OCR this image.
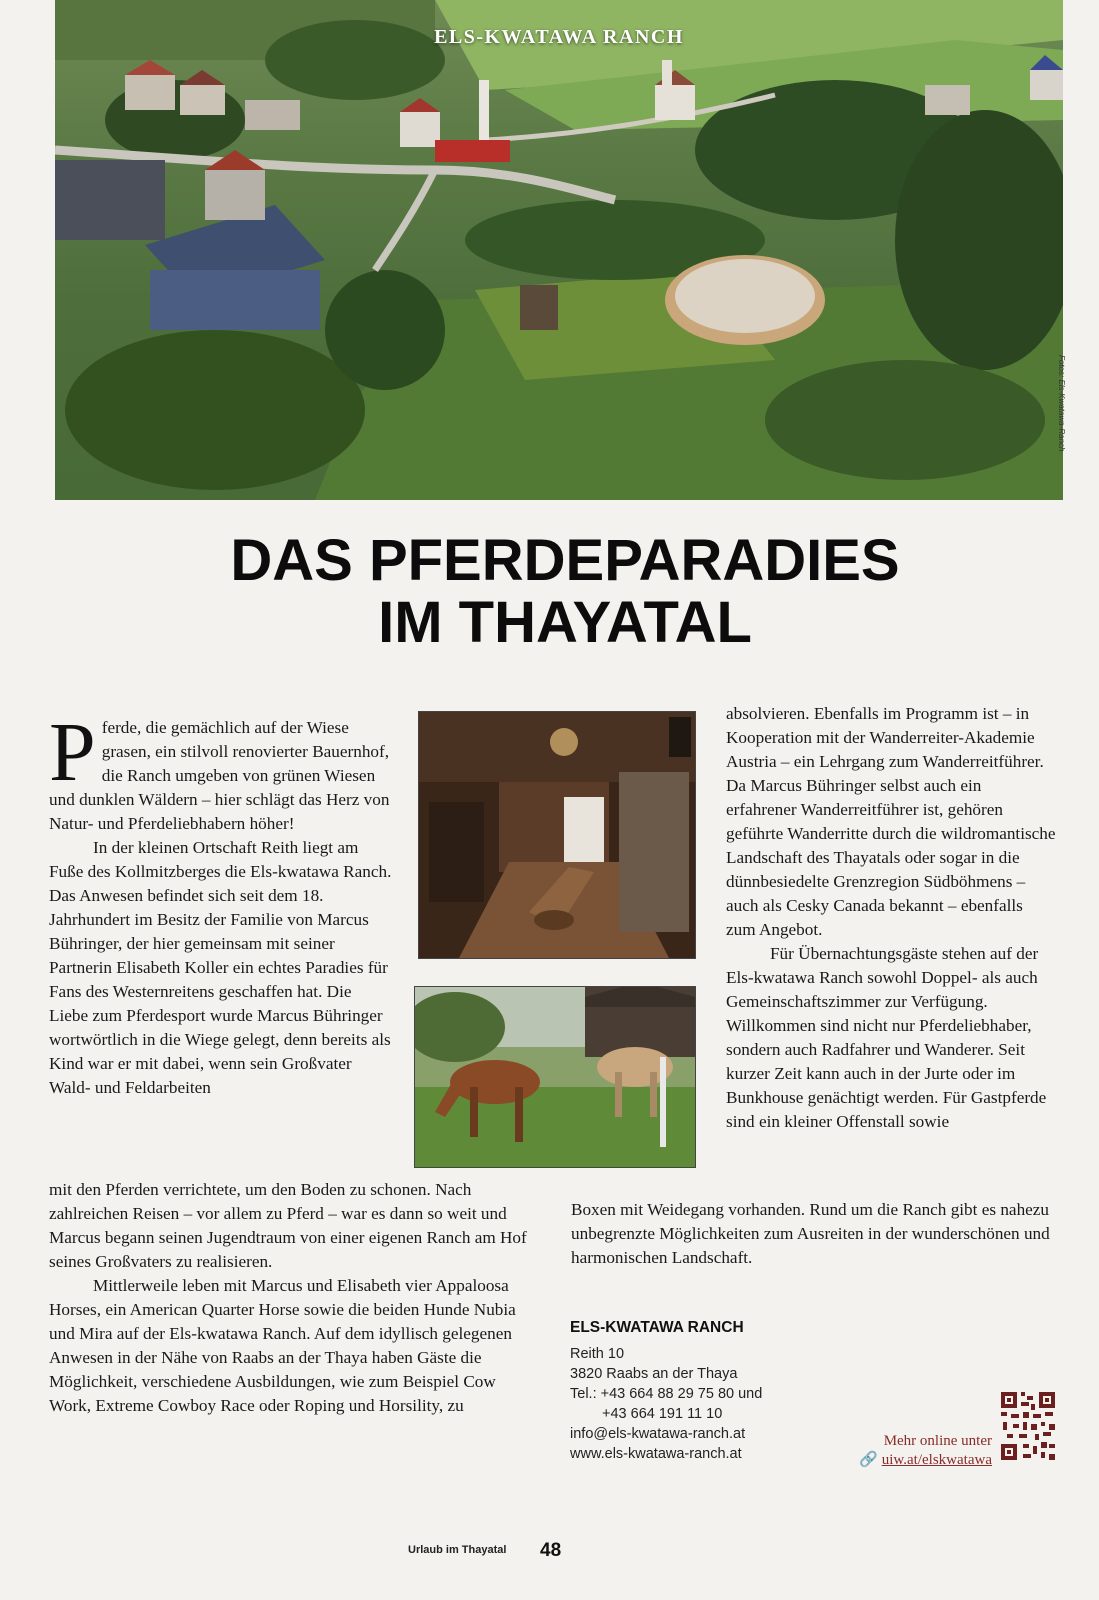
ELS-KWATAWA RANCH
Fotos: Els-Kwatawa-Ranch
DAS PFERDEPARADIES
IM THAYATAL

Pferde, die gemächlich auf der Wiese grasen, ein stilvoll renovierter Bauernhof, die Ranch umgeben von grünen Wiesen und dunklen Wäldern – hier schlägt das Herz von Natur- und Pferdeliebhabern höher!

In der kleinen Ortschaft Reith liegt am Fuße des Kollmitzberges die Els-kwatawa Ranch. Das Anwesen befindet sich seit dem 18. Jahrhundert im Besitz der Familie von Marcus Bühringer, der hier gemeinsam mit seiner Partnerin Elisabeth Koller ein echtes Paradies für Fans des Westernreitens geschaffen hat. Die Liebe zum Pferdesport wurde Marcus Bühringer wortwörtlich in die Wiege gelegt, denn bereits als Kind war er mit dabei, wenn sein Großvater Wald- und Feldarbeiten

mit den Pferden verrichtete, um den Boden zu schonen. Nach zahlreichen Reisen – vor allem zu Pferd – war es dann so weit und Marcus begann seinen Jugendtraum von einer eigenen Ranch am Hof seines Großvaters zu realisieren.

Mittlerweile leben mit Marcus und Elisabeth vier Appaloosa Horses, ein American Quarter Horse sowie die beiden Hunde Nubia und Mira auf der Els-kwatawa Ranch. Auf dem idyllisch gelegenen Anwesen in der Nähe von Raabs an der Thaya haben Gäste die Möglichkeit, verschiedene Ausbildungen, wie zum Beispiel Cow Work, Extreme Cowboy Race oder Roping und Horsility, zu

absolvieren. Ebenfalls im Programm ist – in Kooperation mit der Wanderreiter-Akademie Austria – ein Lehrgang zum Wanderreitführer. Da Marcus Bühringer selbst auch ein erfahrener Wanderreitführer ist, gehören geführte Wanderritte durch die wildromantische Landschaft des Thayatals oder sogar in die dünnbesiedelte Grenzregion Südböhmens – auch als Cesky Canada bekannt – ebenfalls zum Angebot.

Für Übernachtungsgäste stehen auf der Els-kwatawa Ranch sowohl Doppel- als auch Gemeinschaftszimmer zur Verfügung. Willkommen sind nicht nur Pferdeliebhaber, sondern auch Radfahrer und Wanderer. Seit kurzer Zeit kann auch in der Jurte oder im Bunkhouse genächtigt werden. Für Gastpferde sind ein kleiner Offenstall sowie

Boxen mit Weidegang vorhanden. Rund um die Ranch gibt es nahezu unbegrenzte Möglichkeiten zum Ausreiten in der wunderschönen und harmonischen Landschaft.

ELS-KWATAWA RANCH
Reith 10
3820 Raabs an der Thaya
Tel.: +43 664 88 29 75 80 und
+43 664 191 11 10
info@els-kwatawa-ranch.at
www.els-kwatawa-ranch.at
Mehr online unter
🔗 uiw.at/elskwatawa
Urlaub im Thayatal 48
